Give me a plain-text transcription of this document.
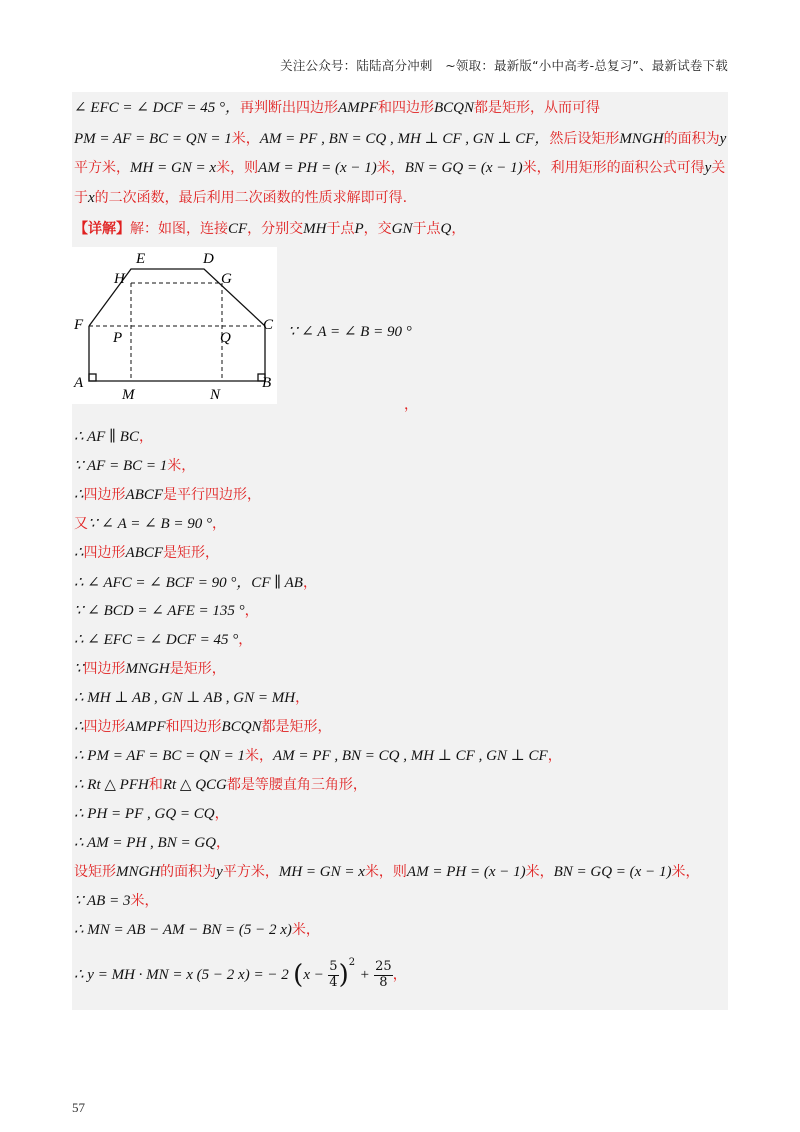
关注公众号：陆陆高分冲刺　~领取：最新版“小中高考-总复习”、最新试卷下载
∠ EFC = ∠ DCF = 45 °，再判断出四边形AMPF和四边形BCQN都是矩形，从而可得
PM = AF = BC = QN = 1米，AM = PF , BN = CQ , MH ⊥ CF , GN ⊥ CF，然后设矩形MNGH的面积为y
平方米，MH = GN = x米，则AM = PH = (x − 1)米，BN = GQ = (x − 1)米，利用矩形的面积公式可得y关
于x的二次函数，最后利用二次函数的性质求解即可得.
【详解】解：如图，连接CF，分别交MH于点P，交GN于点Q，
∴ AF ∥ BC，
∵ AF = BC = 1米，
∴四边形ABCF是平行四边形，
又∵ ∠ A = ∠ B = 90 °，
∴四边形ABCF是矩形，
∴ ∠ AFC = ∠ BCF = 90 °，CF ∥ AB，
∵ ∠ BCD = ∠ AFE = 135 °，
∴ ∠ EFC = ∠ DCF = 45 °，
∵四边形MNGH是矩形，
∴ MH ⊥ AB , GN ⊥ AB , GN = MH，
∴四边形AMPF和四边形BCQN都是矩形，
∴ PM = AF = BC = QN = 1米，AM = PF , BN = CQ , MH ⊥ CF , GN ⊥ CF，
∴ Rt △ PFH和Rt △ QCG都是等腰直角三角形，
∴ PH = PF , GQ = CQ，
∴ AM = PH , BN = GQ，
设矩形MNGH的面积为y平方米，MH = GN = x米，则AM = PH = (x − 1)米，BN = GQ = (x − 1)米，
∵ AB = 3米，
∴ MN = AB − AM − BN = (5 − 2 x)米，
∴ y = MH · MN = x (5 − 2 x) = − 2 $(x - \frac{5}{4} )^2 + \frac{25}{8}$ ，
E	D
H	G
F	C
P	Q
A	B
M	N
∵ ∠ A = ∠ B = 90 °
，
57
